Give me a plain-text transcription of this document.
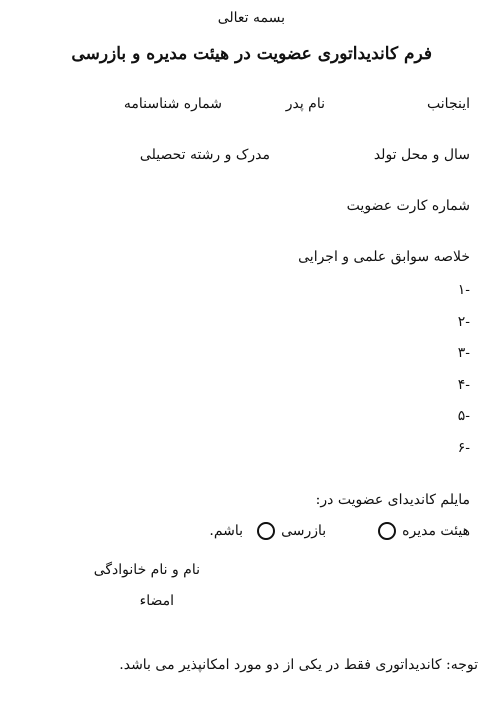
بسمه تعالی
فرم کاندیداتوری عضویت در هیئت مدیره و بازرسی
اینجانب
نام پدر
شماره شناسنامه
سال و محل تولد
مدرک و رشته تحصیلی
شماره کارت عضویت
خلاصه سوابق علمی و اجرایی
-۱
-۲
-۳
-۴
-۵
-۶
مایلم کاندیدای عضویت در:
هیئت مدیره
بازرسی
باشم.
نام و نام خانوادگی
امضاء
توجه: کاندیداتوری فقط در یکی از دو مورد امکانپذیر می باشد.
